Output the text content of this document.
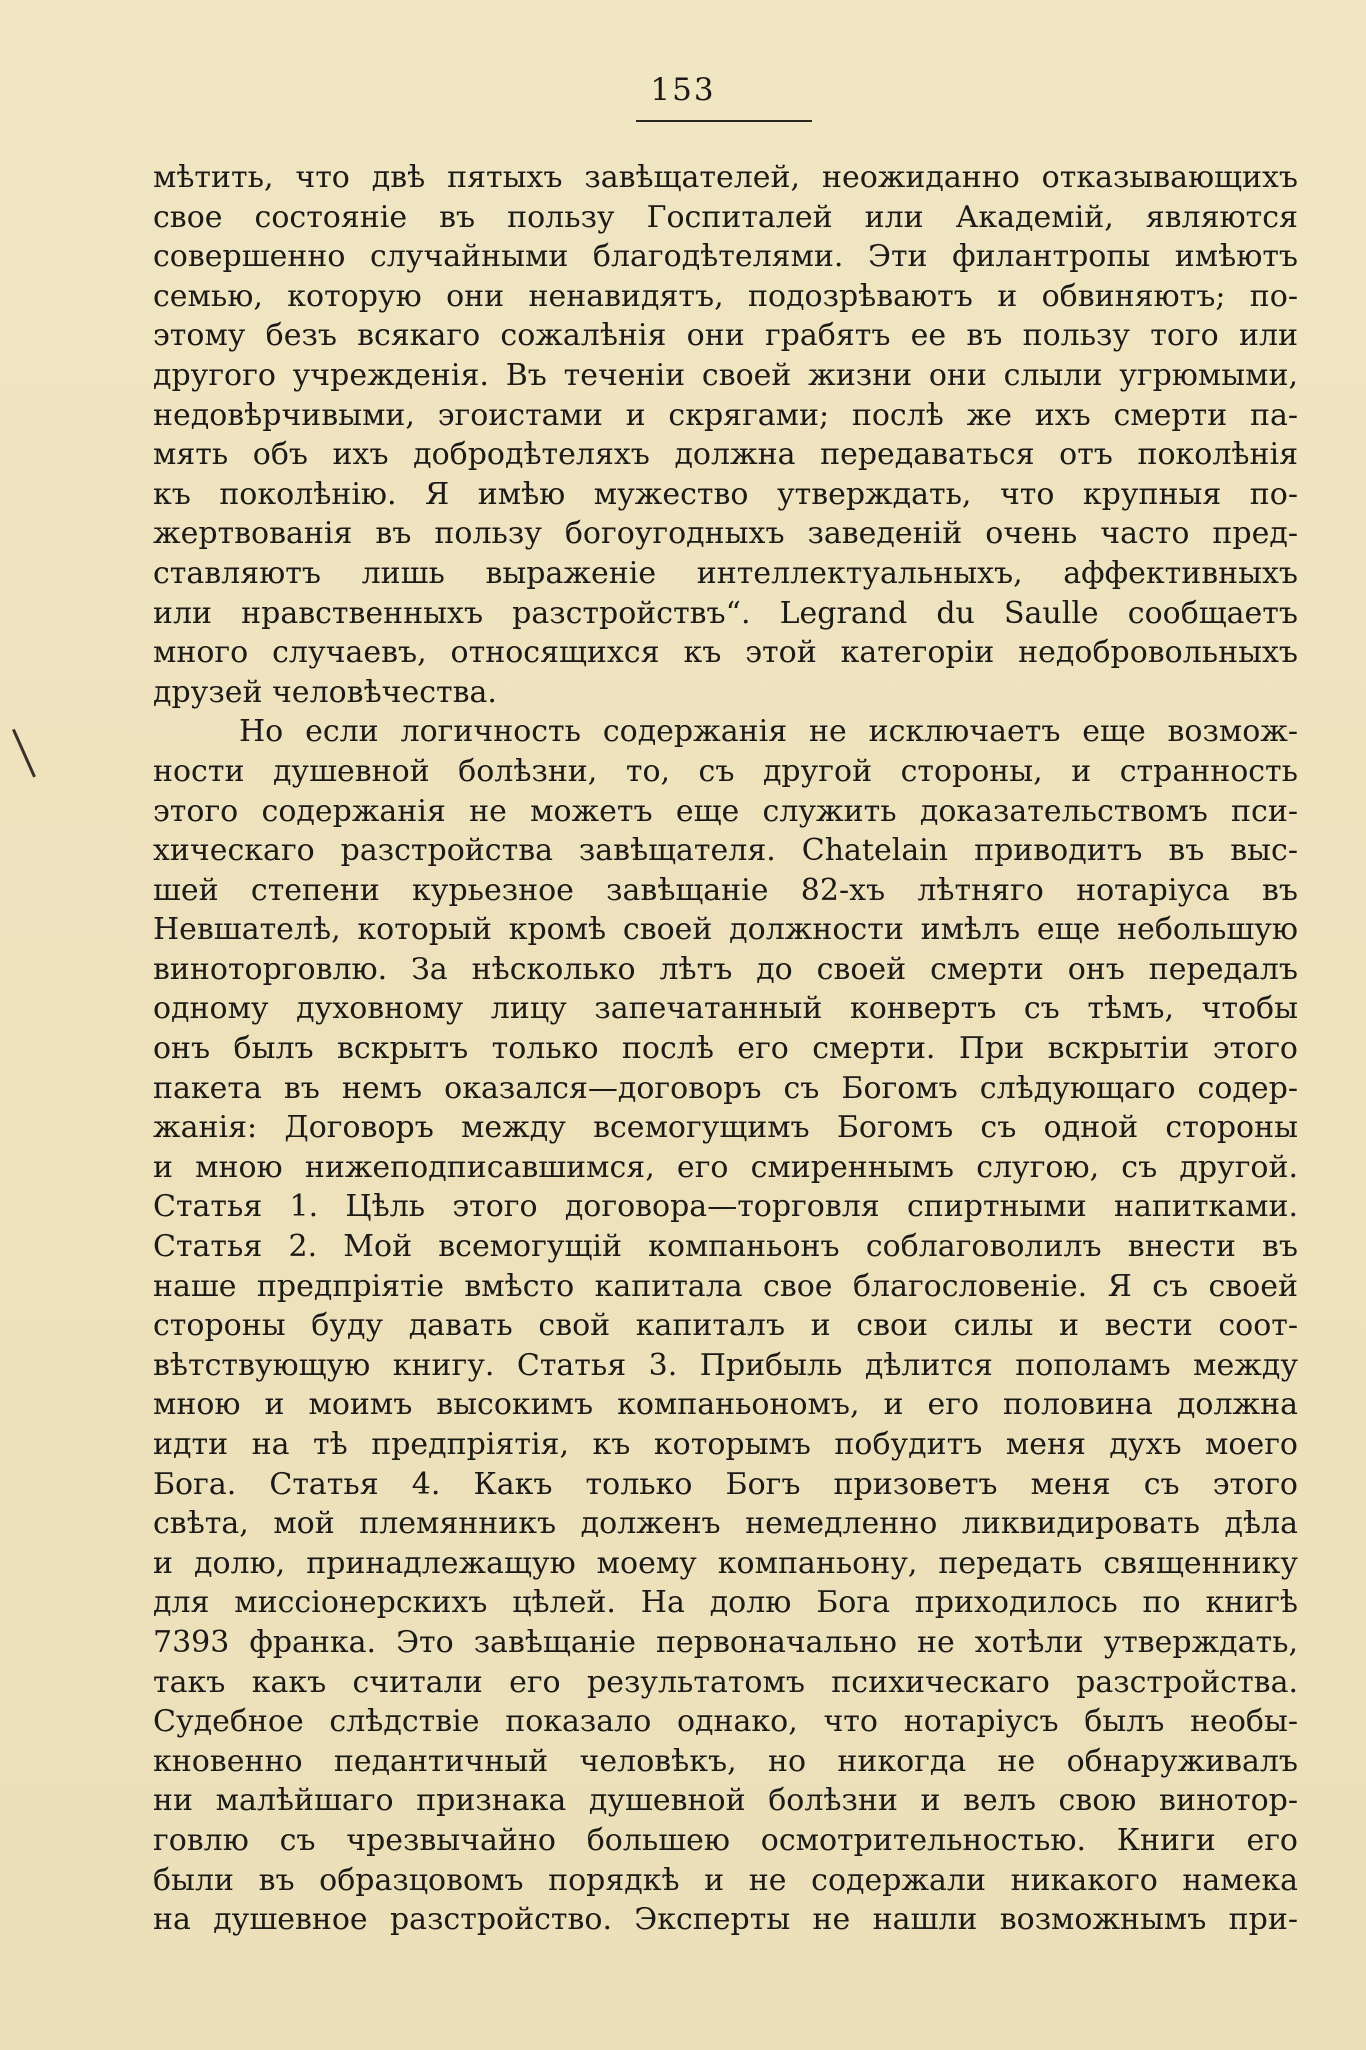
153
мѣтить, что двѣ пятыхъ завѣщателей, неожиданно отказывающихъ
свое состояніе въ пользу Госпиталей или Академій, являются
совершенно случайными благодѣтелями. Эти филантропы имѣютъ
семью, которую они ненавидятъ, подозрѣваютъ и обвиняютъ; по-
этому безъ всякаго сожалѣнія они грабятъ ее въ пользу того или
другого учрежденія. Въ теченіи своей жизни они слыли угрюмыми,
недовѣрчивыми, эгоистами и скрягами; послѣ же ихъ смерти па-
мять объ ихъ добродѣтеляхъ должна передаваться отъ поколѣнія
къ поколѣнію. Я имѣю мужество утверждать, что крупныя по-
жертвованія въ пользу богоугодныхъ заведеній очень часто пред-
ставляютъ лишь выраженіе интеллектуальныхъ, аффективныхъ
или нравственныхъ разстройствъ“. Legrand du Saulle сообщаетъ
много случаевъ, относящихся къ этой категоріи недобровольныхъ
друзей человѣчества.
Но если логичность содержанія не исключаетъ еще возмож-
ности душевной болѣзни, то, съ другой стороны, и странность
этого содержанія не можетъ еще служить доказательствомъ пси-
хическаго разстройства завѣщателя. Chatelain приводитъ въ выс-
шей степени курьезное завѣщаніе 82-хъ лѣтняго нотаріуса въ
Невшателѣ, который кромѣ своей должности имѣлъ еще небольшую
виноторговлю. За нѣсколько лѣтъ до своей смерти онъ передалъ
одному духовному лицу запечатанный конвертъ съ тѣмъ, чтобы
онъ былъ вскрытъ только послѣ его смерти. При вскрытіи этого
пакета въ немъ оказался—договоръ съ Богомъ слѣдующаго содер-
жанія: Договоръ между всемогущимъ Богомъ съ одной стороны
и мною нижеподписавшимся, его смиреннымъ слугою, съ другой.
Статья 1. Цѣль этого договора—торговля спиртными напитками.
Статья 2. Мой всемогущій компаньонъ соблаговолилъ внести въ
наше предпріятіе вмѣсто капитала свое благословеніе. Я съ своей
стороны буду давать свой капиталъ и свои силы и вести соот-
вѣтствующую книгу. Статья 3. Прибыль дѣлится пополамъ между
мною и моимъ высокимъ компаньономъ, и его половина должна
идти на тѣ предпріятія, къ которымъ побудитъ меня духъ моего
Бога. Статья 4. Какъ только Богъ призоветъ меня съ этого
свѣта, мой племянникъ долженъ немедленно ликвидировать дѣла
и долю, принадлежащую моему компаньону, передать священнику
для миссіонерскихъ цѣлей. На долю Бога приходилось по книгѣ
7393 франка. Это завѣщаніе первоначально не хотѣли утверждать,
такъ какъ считали его результатомъ психическаго разстройства.
Судебное слѣдствіе показало однако, что нотаріусъ былъ необы-
кновенно педантичный человѣкъ, но никогда не обнаруживалъ
ни малѣйшаго признака душевной болѣзни и велъ свою винотор-
говлю съ чрезвычайно большею осмотрительностью. Книги его
были въ образцовомъ порядкѣ и не содержали никакого намека
на душевное разстройство. Эксперты не нашли возможнымъ при-
